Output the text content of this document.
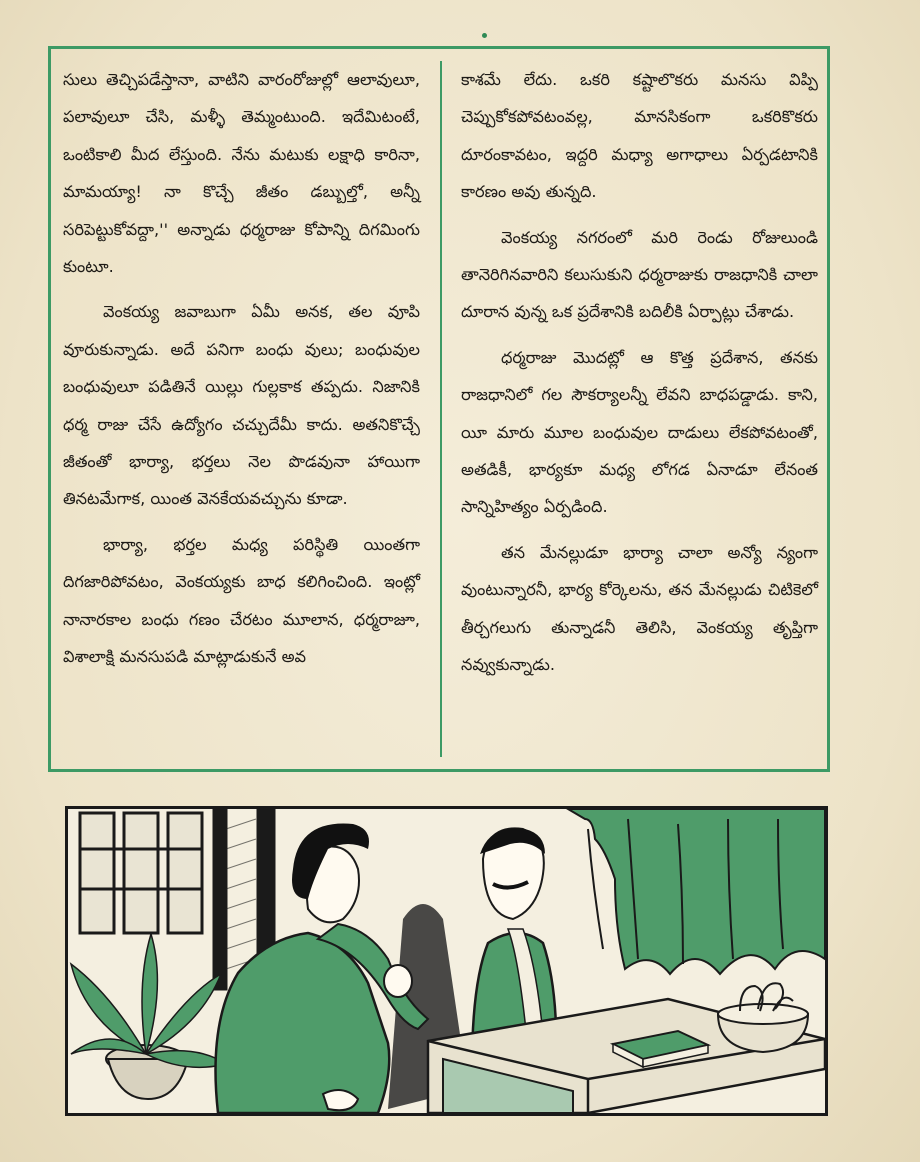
సులు తెచ్చిపడేస్తానా, వాటిని వారంరోజుల్లో ఆలావులూ, పలావులూ చేసి, మళ్ళీ తెమ్మంటుంది. ఇదేమిటంటే, ఒంటికాలి మీద లేస్తుంది. నేను మటుకు లక్షాధి కారినా, మామయ్యా! నా కొచ్చే జీతం డబ్బుల్తో, అన్నీ సరిపెట్టుకోవద్దా,'' అన్నాడు ధర్మరాజు కోపాన్ని దిగమింగు కుంటూ.

వెంకయ్య జవాబుగా ఏమీ అనక, తల వూపి వూరుకున్నాడు. అదే పనిగా బంధు వులు; బంధువుల బంధువులూ పడితినే యిల్లు గుల్లకాక తప్పదు. నిజానికి ధర్మ రాజు చేసే ఉద్యోగం చచ్చుదేమీ కాదు. అతనికొచ్చే జీతంతో భార్యా, భర్తలు నెల పొడవునా హాయిగా తినటమేగాక, యింత వెనకేయవచ్చును కూడా.

భార్యా, భర్తల మధ్య పరిస్థితి యింతగా దిగజారిపోవటం, వెంకయ్యకు బాధ కలిగించింది. ఇంట్లో నానారకాల బంధు గణం చేరటం మూలాన, ధర్మరాజూ, విశాలాక్షి మనసుపడి మాట్లాడుకునే అవ

కాశమే లేదు. ఒకరి కష్టాలొకరు మనసు విప్పి చెప్పుకోకపోవటంవల్ల, మానసికంగా ఒకరికొకరు దూరంకావటం, ఇద్దరి మధ్యా అగాధాలు ఏర్పడటానికి కారణం అవు తున్నది.

వెంకయ్య నగరంలో మరి రెండు రోజులుండి తానెరిగినవారిని కలుసుకుని ధర్మరాజుకు రాజధానికి చాలా దూరాన వున్న ఒక ప్రదేశానికి బదిలీకి ఏర్పాట్లు చేశాడు.

ధర్మరాజు మొదట్లో ఆ కొత్త ప్రదేశాన, తనకు రాజధానిలో గల సౌకర్యాలన్నీ లేవని బాధపడ్డాడు. కాని, యీ మారు మూల బంధువుల దాడులు లేకపోవటంతో, అతడికీ, భార్యకూ మధ్య లోగడ ఏనాడూ లేనంత సాన్నిహిత్యం ఏర్పడింది.

తన మేనల్లుడూ భార్యా చాలా అన్యో న్యంగా వుంటున్నారనీ, భార్య కోర్కెలను, తన మేనల్లుడు చిటికెలో తీర్చగలుగు తున్నాడనీ తెలిసి, వెంకయ్య తృప్తిగా నవ్వుకున్నాడు.
